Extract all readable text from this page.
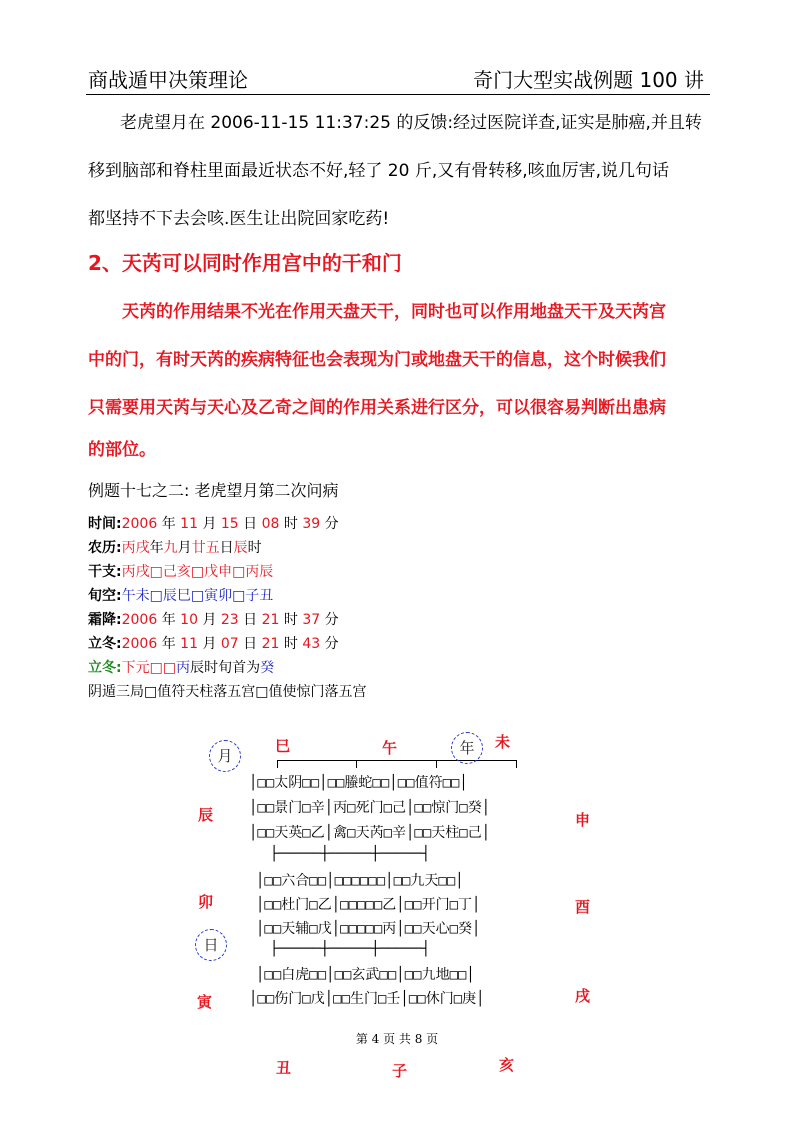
商战遁甲决策理论	奇门大型实战例题 100 讲
老虎望月在 2006-11-15 11:37:25 的反馈:经过医院详查,证实是肺癌,并且转
移到脑部和脊柱里面最近状态不好,轻了 20 斤,又有骨转移,咳血厉害,说几句话
都坚持不下去会咳.医生让出院回家吃药!
2、天芮可以同时作用宫中的干和门
天芮的作用结果不光在作用天盘天干，同时也可以作用地盘天干及天芮宫
中的门，有时天芮的疾病特征也会表现为门或地盘天干的信息，这个时候我们
只需要用天芮与天心及乙奇之间的作用关系进行区分，可以很容易判断出患病
的部位。
例题十七之二: 老虎望月第二次问病
时间:2006 年 11 月 15 日 08 时 39 分
农历:丙戌年九月廿五日辰时
干支:丙戌□己亥□戊申□丙辰
旬空:午未□辰巳□寅卯□子丑
霜降:2006 年 10 月 23 日 21 时 37 分
立冬:2006 年 11 月 07 日 21 时 43 分
立冬:下元□□丙辰时旬首为癸
阴遁三局□值符天柱落五宫□值使惊门落五宫
├─────┼─────┼─────┤
│□□太阴□□│□□螣蛇□□│□□值符□□│
│□□景门□辛│丙□死门□己│□□惊门□癸│
│□□天英□乙│禽□天芮□辛│□□天柱□己│
├─────┼─────┼─────┤
│□□六合□□│□□□□□□│□□九天□□│
│□□杜门□乙│□□□□□乙│□□开门□丁│
│□□天辅□戊│□□□□□丙│□□天心□癸│
│□□白虎□□│□□玄武□□│□□九地□□│
│□□伤门□戊│□□生门□壬│□□休门□庚│
巳	午	未
辰	申
卯	酉
寅	戌
丑	子	亥
月	年
日
第 4 页 共 8 页
